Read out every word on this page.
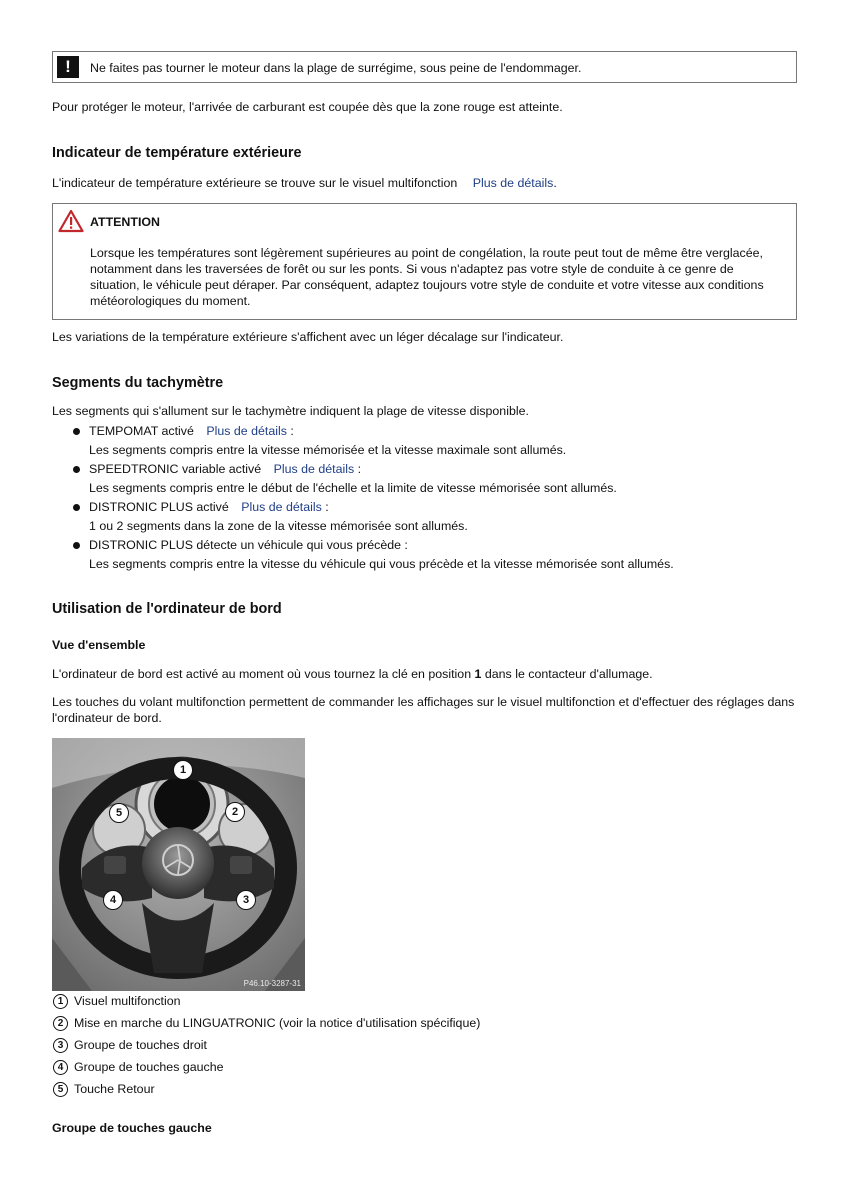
!	Ne faites pas tourner le moteur dans la plage de surrégime, sous peine de l'endommager.

Pour protéger le moteur, l'arrivée de carburant est coupée dès que la zone rouge est atteinte.

Indicateur de température extérieure

L'indicateur de température extérieure se trouve sur le visuel multifonction Plus de détails.

ATTENTION

Lorsque les températures sont légèrement supérieures au point de congélation, la route peut tout de même être verglacée, notamment dans les traversées de forêt ou sur les ponts. Si vous n'adaptez pas votre style de conduite à ce genre de situation, le véhicule peut déraper. Par conséquent, adaptez toujours votre style de conduite et votre vitesse aux conditions météorologiques du moment.

Les variations de la température extérieure s'affichent avec un léger décalage sur l'indicateur.

Segments du tachymètre

Les segments qui s'allument sur le tachymètre indiquent la plage de vitesse disponible.

TEMPOMAT activé Plus de détails :
Les segments compris entre la vitesse mémorisée et la vitesse maximale sont allumés.
SPEEDTRONIC variable activé Plus de détails :
Les segments compris entre le début de l'échelle et la limite de vitesse mémorisée sont allumés.
DISTRONIC PLUS activé Plus de détails :
1 ou 2 segments dans la zone de la vitesse mémorisée sont allumés.
DISTRONIC PLUS détecte un véhicule qui vous précède :
Les segments compris entre la vitesse du véhicule qui vous précède et la vitesse mémorisée sont allumés.

Utilisation de l'ordinateur de bord

Vue d'ensemble

L'ordinateur de bord est activé au moment où vous tournez la clé en position 1 dans le contacteur d'allumage.

Les touches du volant multifonction permettent de commander les affichages sur le visuel multifonction et d'effectuer des réglages dans l'ordinateur de bord.

1
2
3
4
5
P46.10-3287-31
1 Visuel multifonction
2 Mise en marche du LINGUATRONIC (voir la notice d'utilisation spécifique)
3 Groupe de touches droit
4 Groupe de touches gauche
5 Touche Retour

Groupe de touches gauche
